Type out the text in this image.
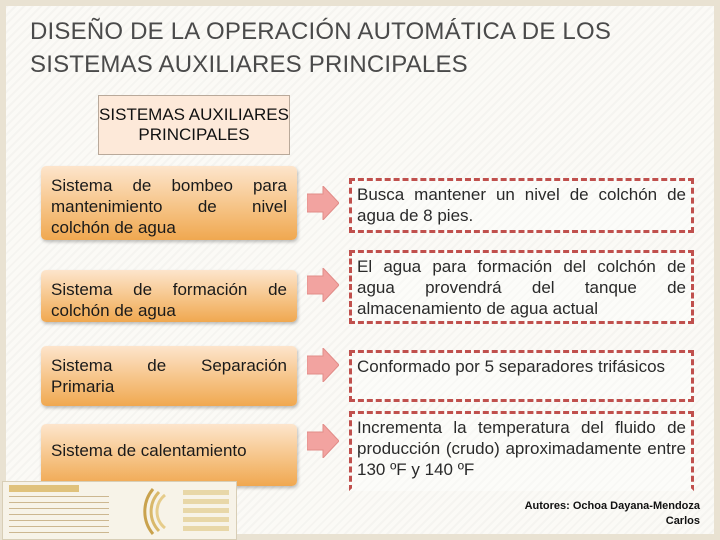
DISEÑO DE LA OPERACIÓN AUTOMÁTICA DE LOS SISTEMAS AUXILIARES PRINCIPALES
SISTEMAS AUXILIARES PRINCIPALES
Sistema de bombeo para mantenimiento de nivel colchón de agua
Busca mantener un nivel de colchón de agua de 8 pies.
Sistema de formación de colchón de agua
El agua para formación del colchón de agua provendrá del tanque de almacenamiento de agua actual
Sistema de Separación Primaria
Conformado por 5 separadores trifásicos
Sistema de calentamiento
Incrementa la temperatura del fluido de producción (crudo) aproximadamente entre 130 ºF y 140 ºF
Autores: Ochoa Dayana-Mendoza
Carlos
